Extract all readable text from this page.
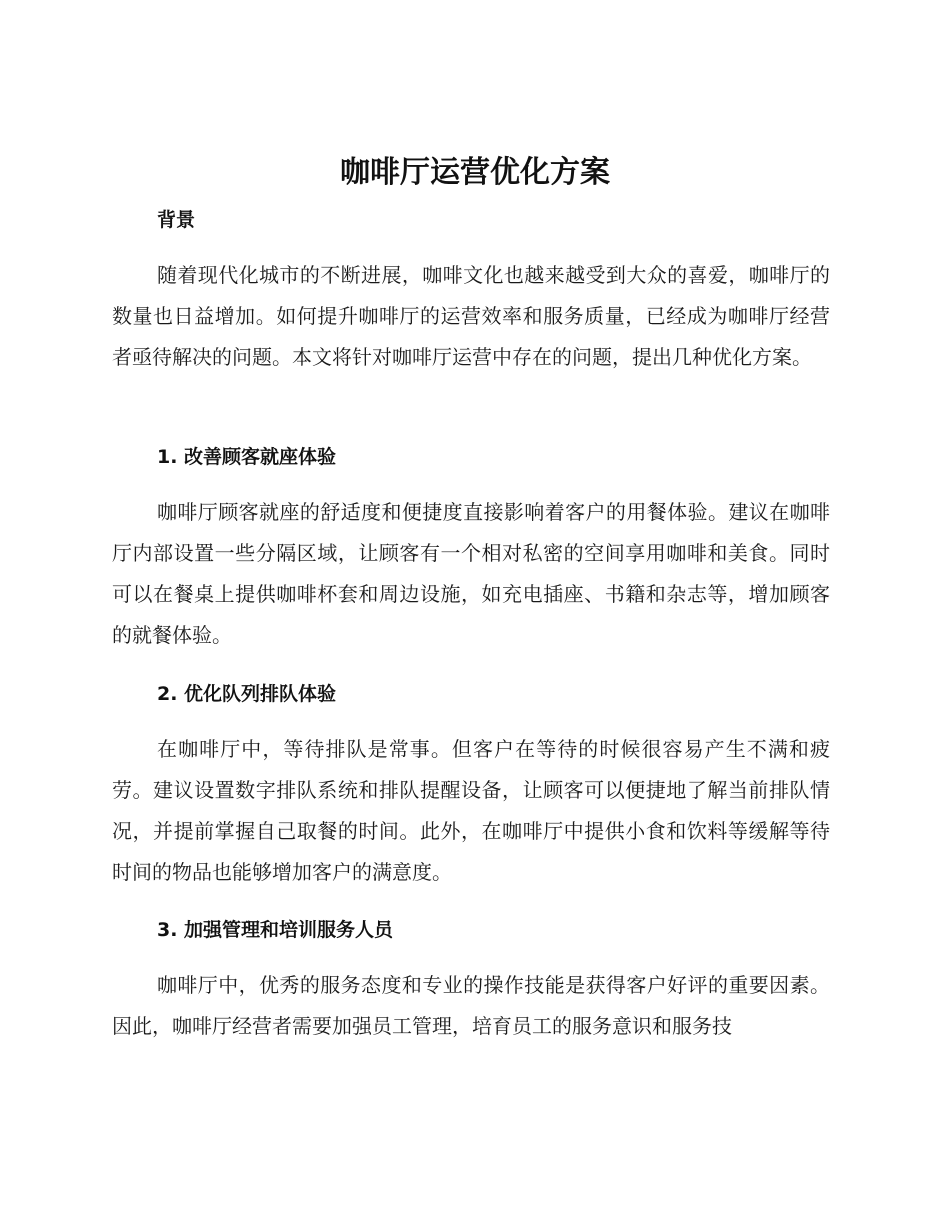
咖啡厅运营优化方案
背景

随着现代化城市的不断进展，咖啡文化也越来越受到大众的喜爱，咖啡厅的数量也日益增加。如何提升咖啡厅的运营效率和服务质量，已经成为咖啡厅经营者亟待解决的问题。本文将针对咖啡厅运营中存在的问题，提出几种优化方案。

1. 改善顾客就座体验

咖啡厅顾客就座的舒适度和便捷度直接影响着客户的用餐体验。建议在咖啡厅内部设置一些分隔区域，让顾客有一个相对私密的空间享用咖啡和美食。同时可以在餐桌上提供咖啡杯套和周边设施，如充电插座、书籍和杂志等，增加顾客的就餐体验。

2. 优化队列排队体验

在咖啡厅中，等待排队是常事。但客户在等待的时候很容易产生不满和疲劳。建议设置数字排队系统和排队提醒设备，让顾客可以便捷地了解当前排队情况，并提前掌握自己取餐的时间。此外，在咖啡厅中提供小食和饮料等缓解等待时间的物品也能够增加客户的满意度。

3. 加强管理和培训服务人员

咖啡厅中，优秀的服务态度和专业的操作技能是获得客户好评的重要因素。因此，咖啡厅经营者需要加强员工管理，培育员工的服务意识和服务技
